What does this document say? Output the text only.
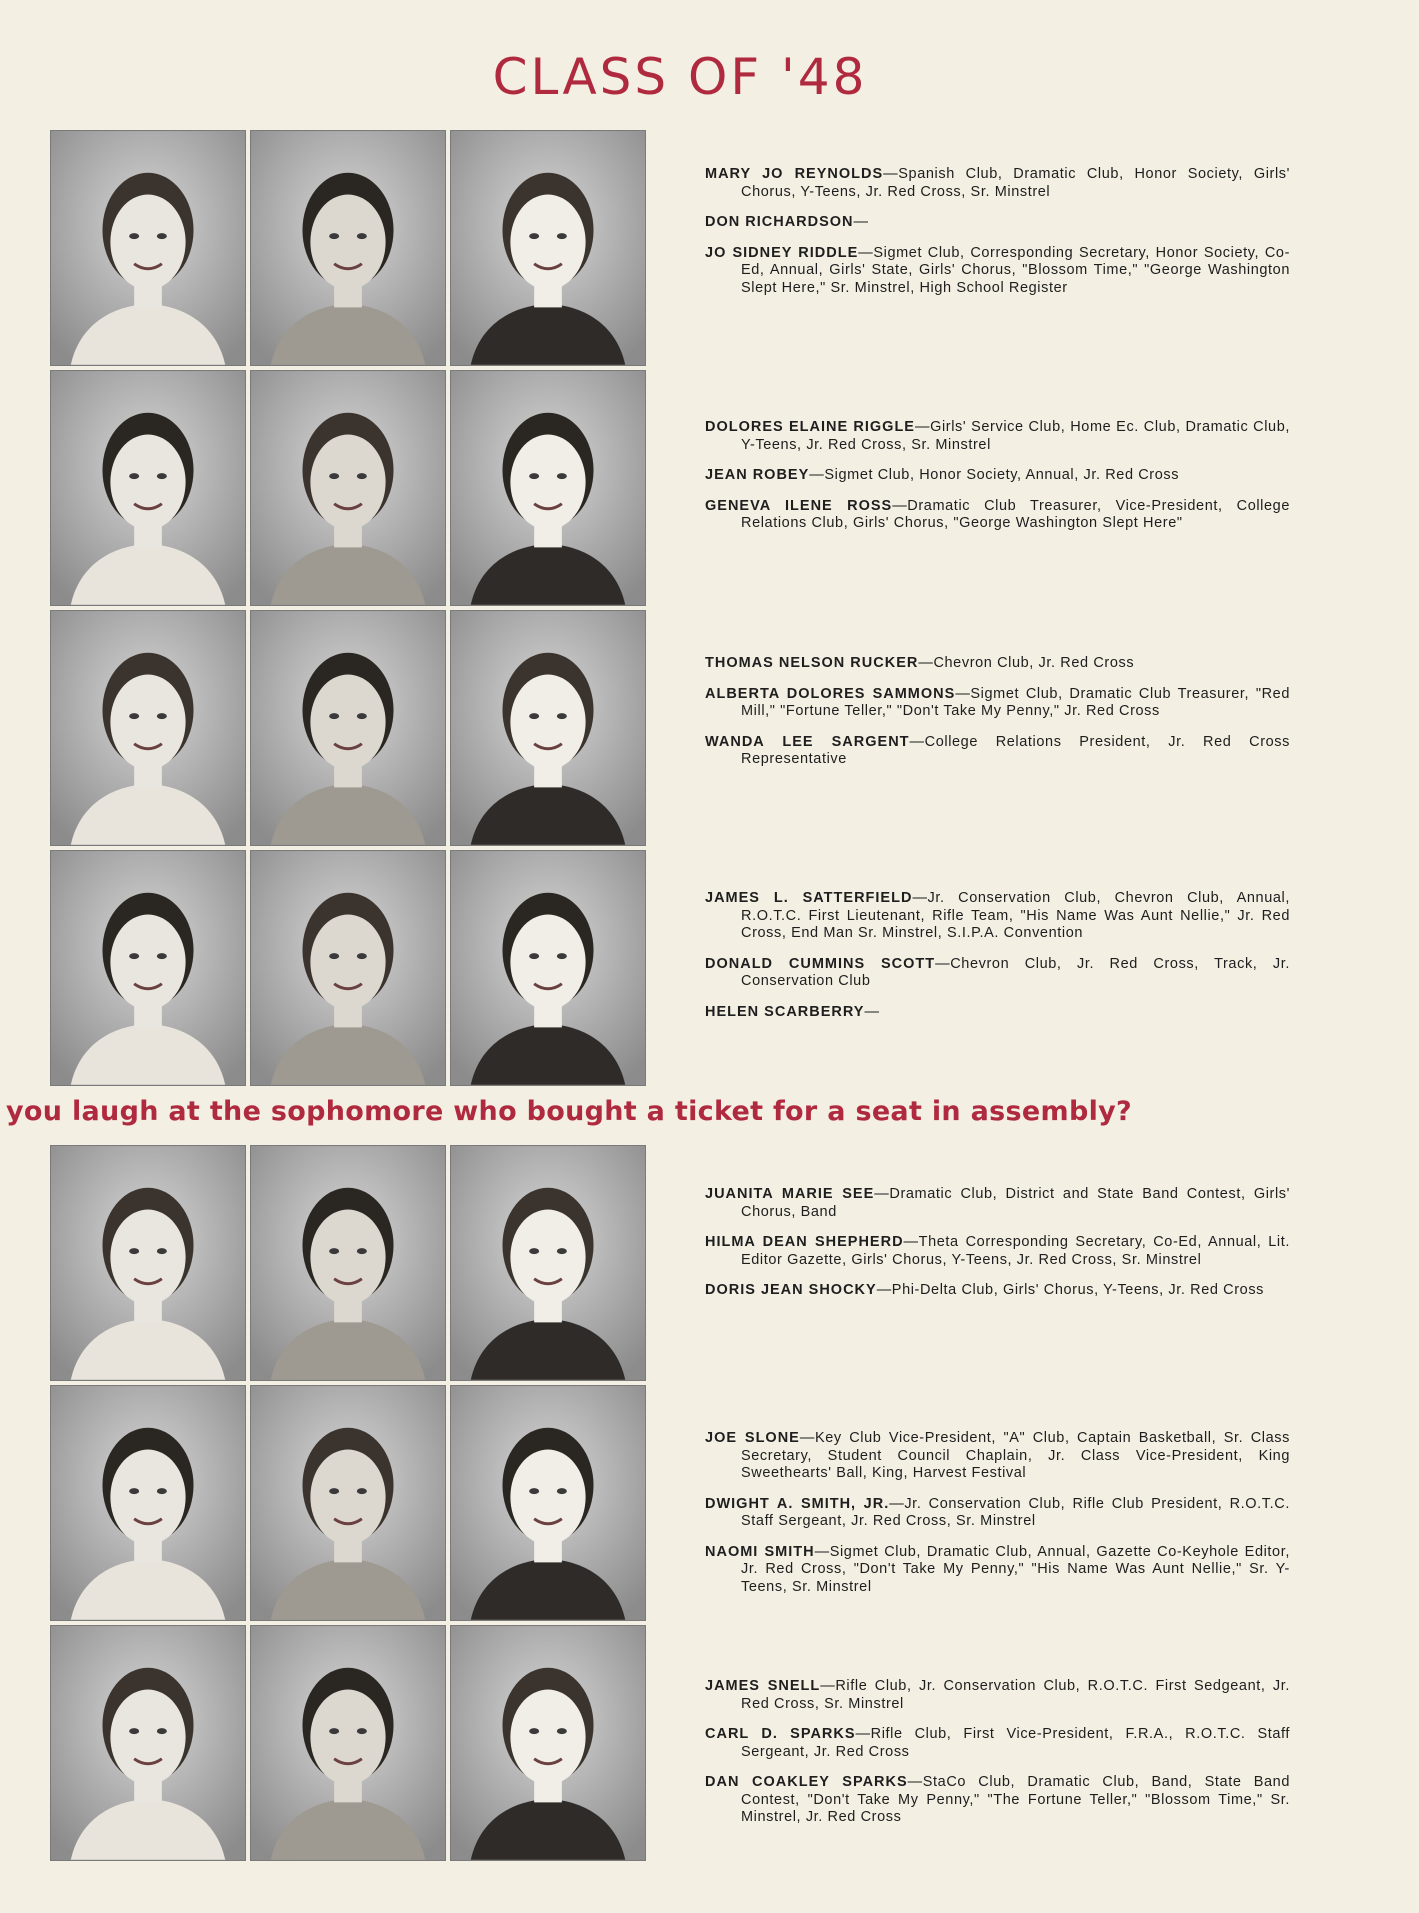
CLASS OF '48
you laugh at the sophomore who bought a ticket for a seat in assembly?
MARY JO REYNOLDS—Spanish Club, Dramatic Club, Honor Society, Girls' Chorus, Y-Teens, Jr. Red Cross, Sr. Minstrel
DON RICHARDSON—
JO SIDNEY RIDDLE—Sigmet Club, Corresponding Secretary, Honor Society, Co-Ed, Annual, Girls' State, Girls' Chorus, "Blossom Time," "George Washington Slept Here," Sr. Minstrel, High School Register
DOLORES ELAINE RIGGLE—Girls' Service Club, Home Ec. Club, Dramatic Club, Y-Teens, Jr. Red Cross, Sr. Minstrel
JEAN ROBEY—Sigmet Club, Honor Society, Annual, Jr. Red Cross
GENEVA ILENE ROSS—Dramatic Club Treasurer, Vice-President, College Relations Club, Girls' Chorus, "George Washington Slept Here"
THOMAS NELSON RUCKER—Chevron Club, Jr. Red Cross
ALBERTA DOLORES SAMMONS—Sigmet Club, Dramatic Club Treasurer, "Red Mill," "Fortune Teller," "Don't Take My Penny," Jr. Red Cross
WANDA LEE SARGENT—College Relations President, Jr. Red Cross Representative
JAMES L. SATTERFIELD—Jr. Conservation Club, Chevron Club, Annual, R.O.T.C. First Lieutenant, Rifle Team, "His Name Was Aunt Nellie," Jr. Red Cross, End Man Sr. Minstrel, S.I.P.A. Convention
DONALD CUMMINS SCOTT—Chevron Club, Jr. Red Cross, Track, Jr. Conservation Club
HELEN SCARBERRY—
JUANITA MARIE SEE—Dramatic Club, District and State Band Contest, Girls' Chorus, Band
HILMA DEAN SHEPHERD—Theta Corresponding Secretary, Co-Ed, Annual, Lit. Editor Gazette, Girls' Chorus, Y-Teens, Jr. Red Cross, Sr. Minstrel
DORIS JEAN SHOCKY—Phi-Delta Club, Girls' Chorus, Y-Teens, Jr. Red Cross
JOE SLONE—Key Club Vice-President, "A" Club, Captain Basketball, Sr. Class Secretary, Student Council Chaplain, Jr. Class Vice-President, King Sweethearts' Ball, King, Harvest Festival
DWIGHT A. SMITH, JR.—Jr. Conservation Club, Rifle Club President, R.O.T.C. Staff Sergeant, Jr. Red Cross, Sr. Minstrel
NAOMI SMITH—Sigmet Club, Dramatic Club, Annual, Gazette Co-Keyhole Editor, Jr. Red Cross, "Don't Take My Penny," "His Name Was Aunt Nellie," Sr. Y-Teens, Sr. Minstrel
JAMES SNELL—Rifle Club, Jr. Conservation Club, R.O.T.C. First Sedgeant, Jr. Red Cross, Sr. Minstrel
CARL D. SPARKS—Rifle Club, First Vice-President, F.R.A., R.O.T.C. Staff Sergeant, Jr. Red Cross
DAN COAKLEY SPARKS—StaCo Club, Dramatic Club, Band, State Band Contest, "Don't Take My Penny," "The Fortune Teller," "Blossom Time," Sr. Minstrel, Jr. Red Cross
